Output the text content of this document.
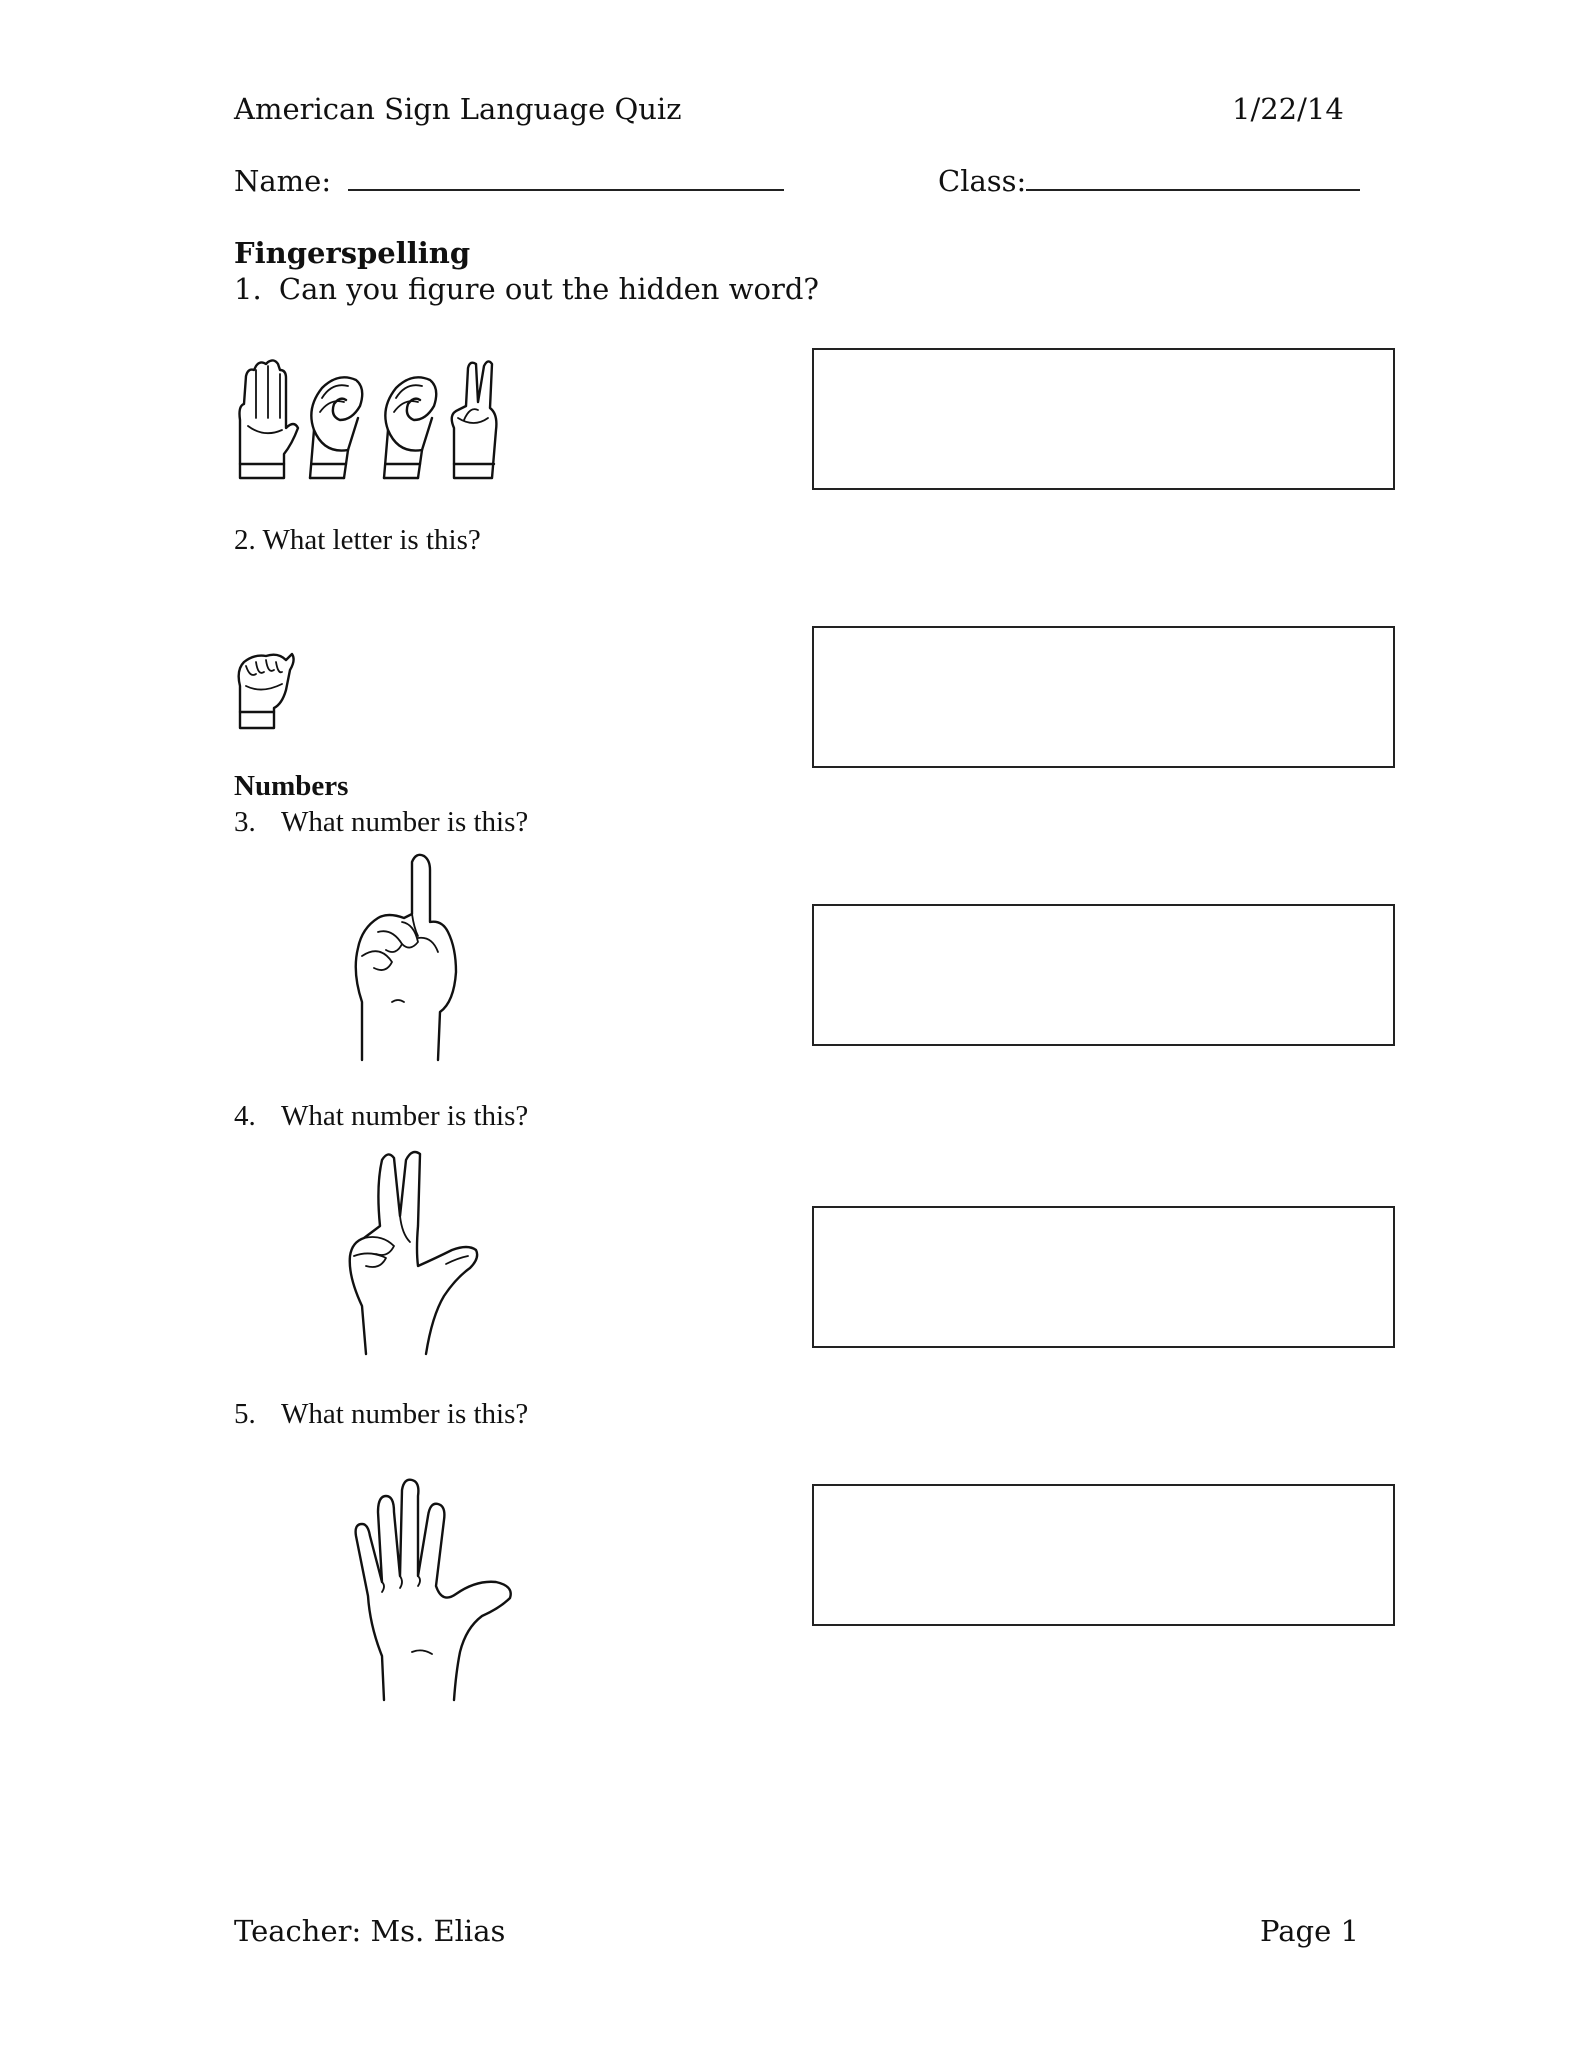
American Sign Language Quiz	1/22/14
Name:	Class:
Fingerspelling
1. Can you figure out the hidden word?
2. What letter is this?
Numbers
3. What number is this?
4. What number is this?
5. What number is this?
Teacher: Ms. Elias	Page 1
